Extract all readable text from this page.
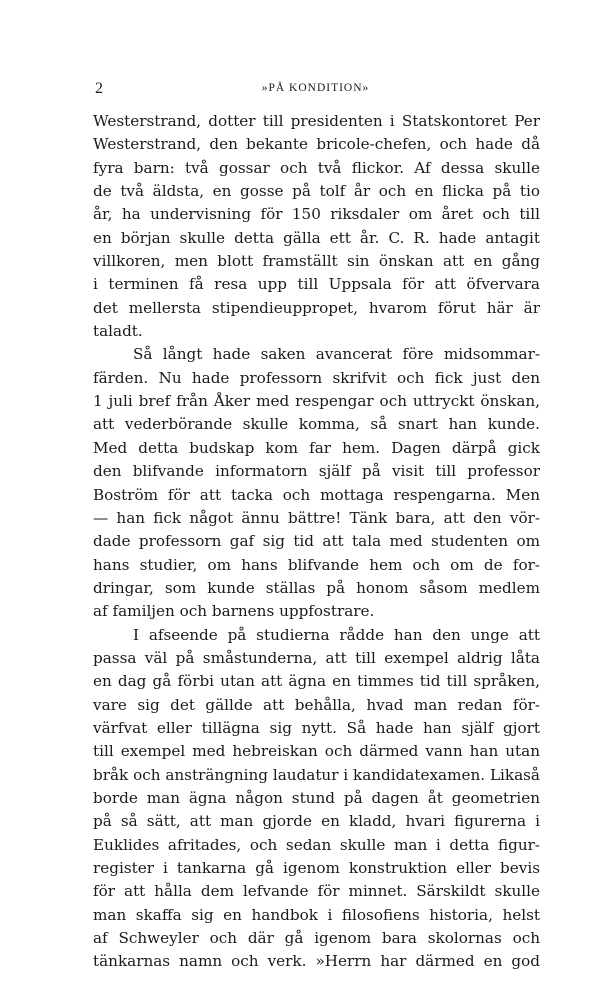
2	»PÅ KONDITION»
Westerstrand, dotter till presidenten i Statskontoret Per
Westerstrand, den bekante bricole-chefen, och hade då
fyra barn: två gossar och två flickor. Af dessa skulle
de två äldsta, en gosse på tolf år och en flicka på tio
år, ha undervisning för 150 riksdaler om året och till
en början skulle detta gälla ett år. C. R. hade antagit
villkoren, men blott framställt sin önskan att en gång
i terminen få resa upp till Uppsala för att öfvervara
det mellersta stipendieuppropet, hvarom förut här är
taladt.
Så långt hade saken avancerat före midsommar-
färden. Nu hade professorn skrifvit och fick just den
1 juli bref från Åker med respengar och uttryckt önskan,
att vederbörande skulle komma, så snart han kunde.
Med detta budskap kom far hem. Dagen därpå gick
den blifvande informatorn själf på visit till professor
Boström för att tacka och mottaga respengarna. Men
— han fick något ännu bättre! Tänk bara, att den vör-
dade professorn gaf sig tid att tala med studenten om
hans studier, om hans blifvande hem och om de for-
dringar, som kunde ställas på honom såsom medlem
af familjen och barnens uppfostrare.
I afseende på studierna rådde han den unge att
passa väl på småstunderna, att till exempel aldrig låta
en dag gå förbi utan att ägna en timmes tid till språken,
vare sig det gällde att behålla, hvad man redan för-
värfvat eller tillägna sig nytt. Så hade han själf gjort
till exempel med hebreiskan och därmed vann han utan
bråk och ansträngning laudatur i kandidatexamen. Likaså
borde man ägna någon stund på dagen åt geometrien
på så sätt, att man gjorde en kladd, hvari figurerna i
Euklides afritades, och sedan skulle man i detta figur-
register i tankarna gå igenom konstruktion eller bevis
för att hålla dem lefvande för minnet. Särskildt skulle
man skaffa sig en handbok i filosofiens historia, helst
af Schweyler och där gå igenom bara skolornas och
tänkarnas namn och verk. »Herrn har därmed en god
